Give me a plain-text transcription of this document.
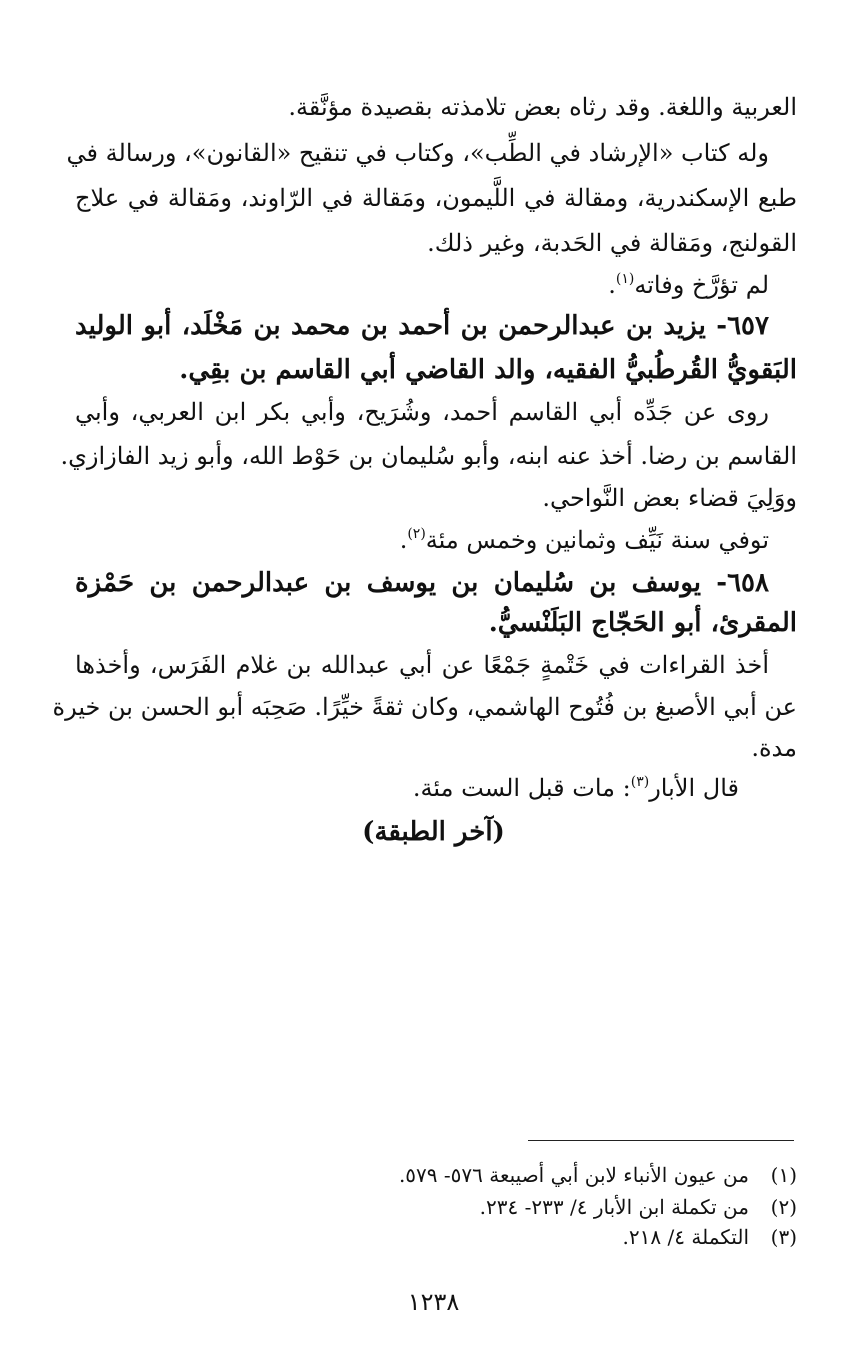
العربية واللغة. وقد رثاه بعض تلامذته بقصيدة مؤنَّقة.
وله كتاب «الإرشاد في الطِّب»، وكتاب في تنقيح «القانون»، ورسالة في
طبع الإسكندرية، ومقالة في اللَّيمون، ومَقالة في الرّاوند، ومَقالة في علاج
القولنج، ومَقالة في الحَدبة، وغير ذلك.
لم تؤرَّخ وفاته$^{(١)}$.
٦٥٧- يزيد بن عبدالرحمن بن أحمد بن محمد بن مَخْلَد، أبو الوليد
البَقويُّ القُرطُبيُّ الفقيه، والد القاضي أبي القاسم بن بقِي.
روى عن جَدِّه أبي القاسم أحمد، وشُرَيح، وأبي بكر ابن العربي، وأبي
القاسم بن رضا. أخذ عنه ابنه، وأبو سُليمان بن حَوْط الله، وأبو زيد الفازازي.
ووَلِيَ قضاء بعض النَّواحي.
توفي سنة نَيِّف وثمانين وخمس مئة$^{(٢)}$.
٦٥٨- يوسف بن سُليمان بن يوسف بن عبدالرحمن بن حَمْزة
المقرئ، أبو الحَجّاج البَلَنْسيُّ.
أخذ القراءات في خَتْمةٍ جَمْعًا عن أبي عبدالله بن غلام الفَرَس، وأخذها
عن أبي الأصبغ بن فُتُوح الهاشمي، وكان ثقةً خيِّرًا. صَحِبَه أبو الحسن بن خيرة
مدة.
قال الأبار$^{(٣)}$: مات قبل الست مئة.
(آخر الطبقة)
(١)من عيون الأنباء لابن أبي أصيبعة ٥٧٦- ٥٧٩.
(٢)من تكملة ابن الأبار ٤/ ٢٣٣- ٢٣٤.
(٣)التكملة ٤/ ٢١٨.
١٢٣٨
